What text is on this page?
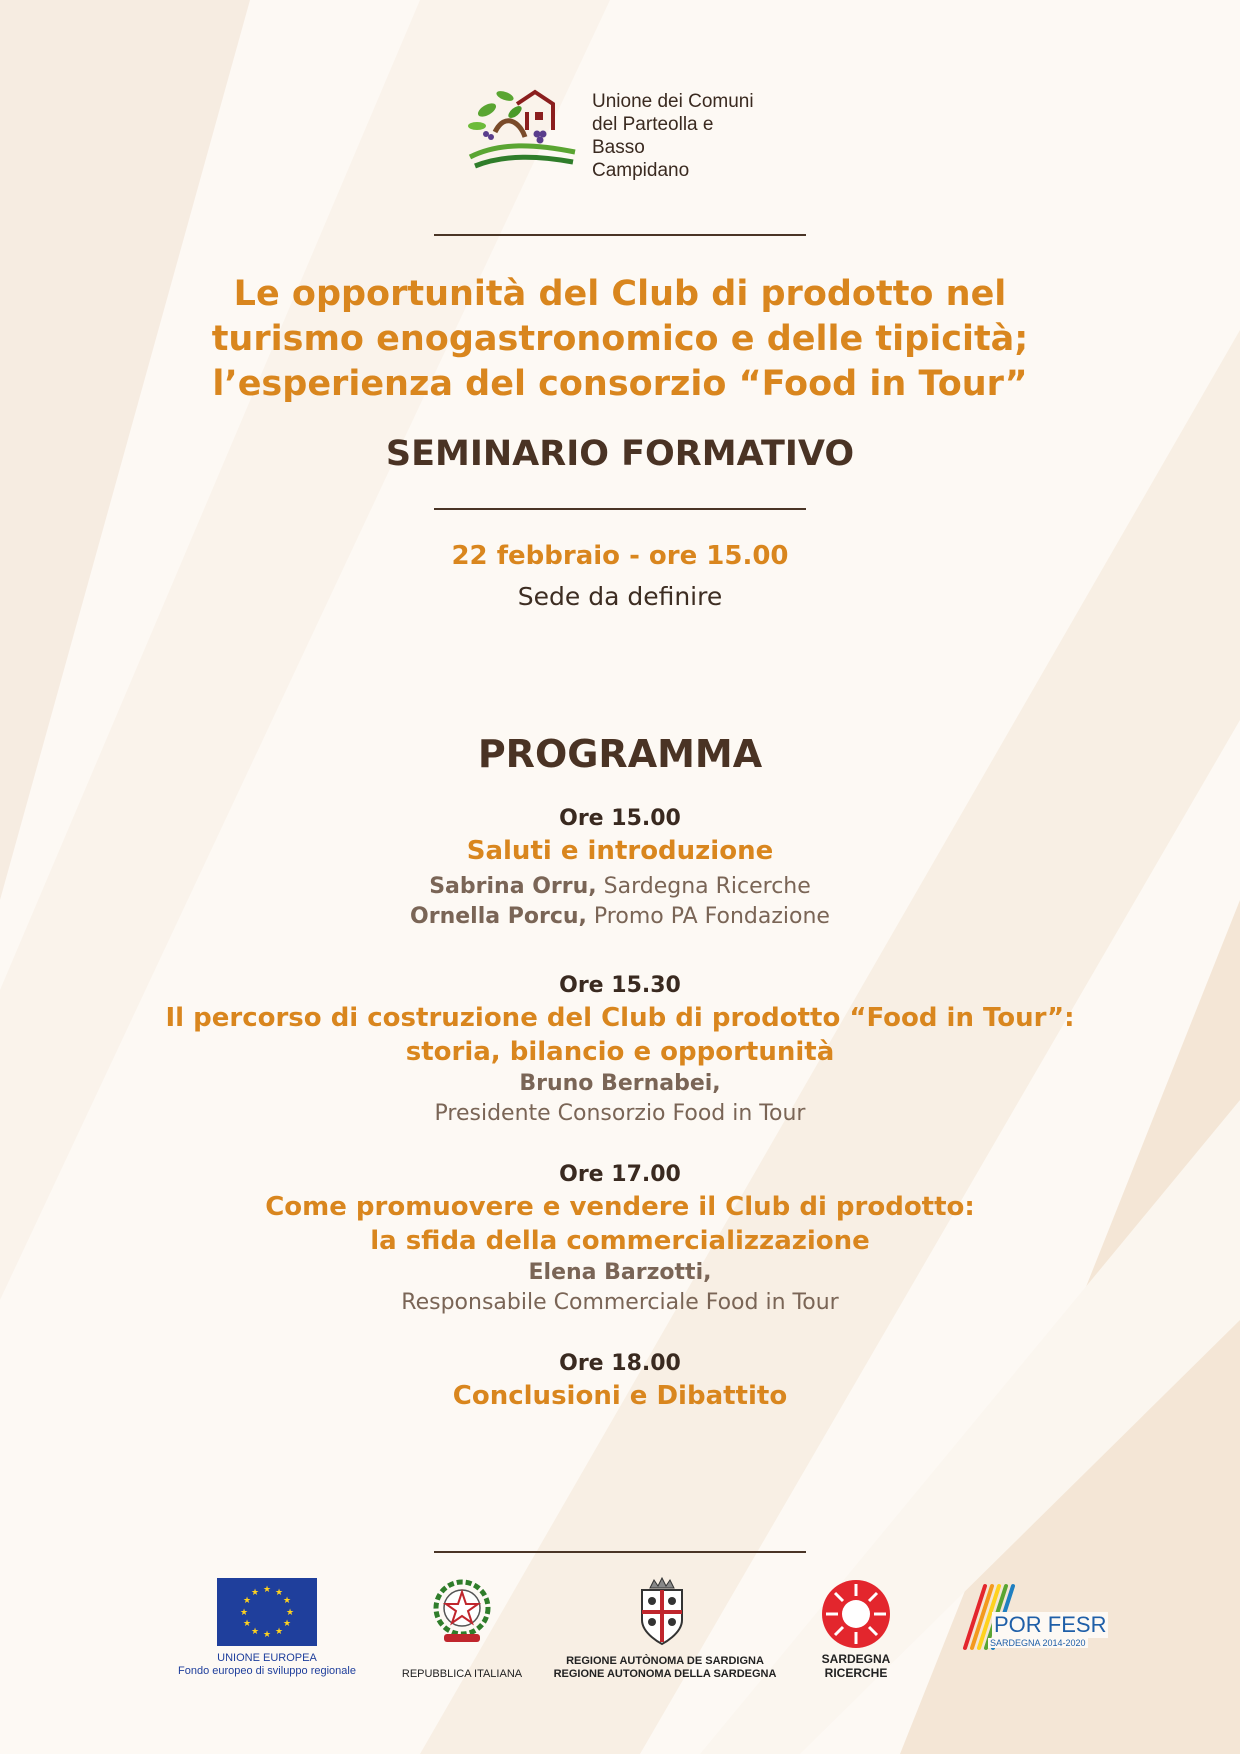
Unione dei Comuni
del Parteolla e
Basso
Campidano
Le opportunità del Club di prodotto nel
turismo enogastronomico e delle tipicità;
l’esperienza del consorzio “Food in Tour”
SEMINARIO FORMATIVO
22 febbraio - ore 15.00
Sede da definire
PROGRAMMA
Ore 15.00
Saluti e introduzione
Sabrina Orru, Sardegna Ricerche
Ornella Porcu, Promo PA Fondazione
Ore 15.30
Il percorso di costruzione del Club di prodotto “Food in Tour”:
storia, bilancio e opportunità
Bruno Bernabei,
Presidente Consorzio Food in Tour
Ore 17.00
Come promuovere e vendere il Club di prodotto:
la sfida della commercializzazione
Elena Barzotti,
Responsabile Commerciale Food in Tour
Ore 18.00
Conclusioni e Dibattito
★ ★
★
★
★
★
★
★
★
★
★
★
UNIONE EUROPEA
Fondo europeo di sviluppo regionale	REPUBBLICA ITALIANA
REGIONE AUTÒNOMA DE SARDIGNA
REGIONE AUTONOMA DELLA SARDEGNA
SARDEGNA
RICERCHE
POR FESR
SARDEGNA 2014-2020
